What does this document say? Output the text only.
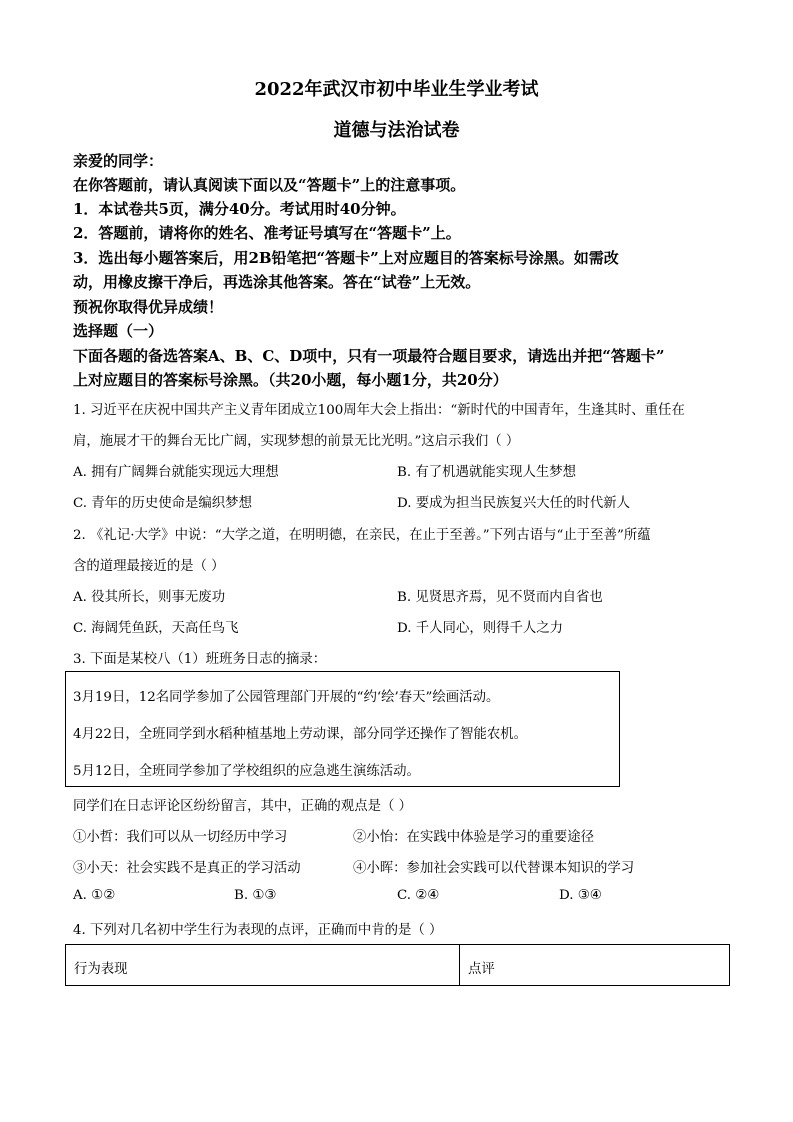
2022年武汉市初中毕业生学业考试
道德与法治试卷
亲爱的同学：
在你答题前，请认真阅读下面以及“答题卡”上的注意事项。
1．本试卷共5页，满分40分。考试用时40分钟。
2．答题前，请将你的姓名、准考证号填写在“答题卡”上。
3．选出每小题答案后，用2B铅笔把“答题卡”上对应题目的答案标号涂黑。如需改
动，用橡皮擦干净后，再选涂其他答案。答在“试卷”上无效。
预祝你取得优异成绩！
选择题（一）
下面各题的备选答案A、B、C、D项中，只有一项最符合题目要求，请选出并把“答题卡”
上对应题目的答案标号涂黑。（共20小题，每小题1分，共20分）
1. 习近平在庆祝中国共产主义青年团成立100周年大会上指出：“新时代的中国青年，生逢其时、重任在
肩，施展才干的舞台无比广阔，实现梦想的前景无比光明。”这启示我们（ ）
A. 拥有广阔舞台就能实现远大理想	B. 有了机遇就能实现人生梦想
C. 青年的历史使命是编织梦想	D. 要成为担当民族复兴大任的时代新人
2. 《礼记·大学》中说：“大学之道，在明明德，在亲民，在止于至善。”下列古语与“止于至善”所蕴
含的道理最接近的是（ ）
A. 役其所长，则事无废功	B. 见贤思齐焉，见不贤而内自省也
C. 海阔凭鱼跃，天高任鸟飞	D. 千人同心，则得千人之力
3. 下面是某校八（1）班班务日志的摘录：
3月19日，12名同学参加了公园管理部门开展的“约‘绘’春天”绘画活动。
4月22日，全班同学到水稻种植基地上劳动课，部分同学还操作了智能农机。
5月12日，全班同学参加了学校组织的应急逃生演练活动。
同学们在日志评论区纷纷留言，其中，正确的观点是（ ）
①小哲：我们可以从一切经历中学习	②小怡：在实践中体验是学习的重要途径
③小天：社会实践不是真正的学习活动	④小晖：参加社会实践可以代替课本知识的学习
A. ①②	B. ①③	C. ②④	D. ③④
4. 下列对几名初中学生行为表现的点评，正确而中肯的是（ ）
行为表现	点评
